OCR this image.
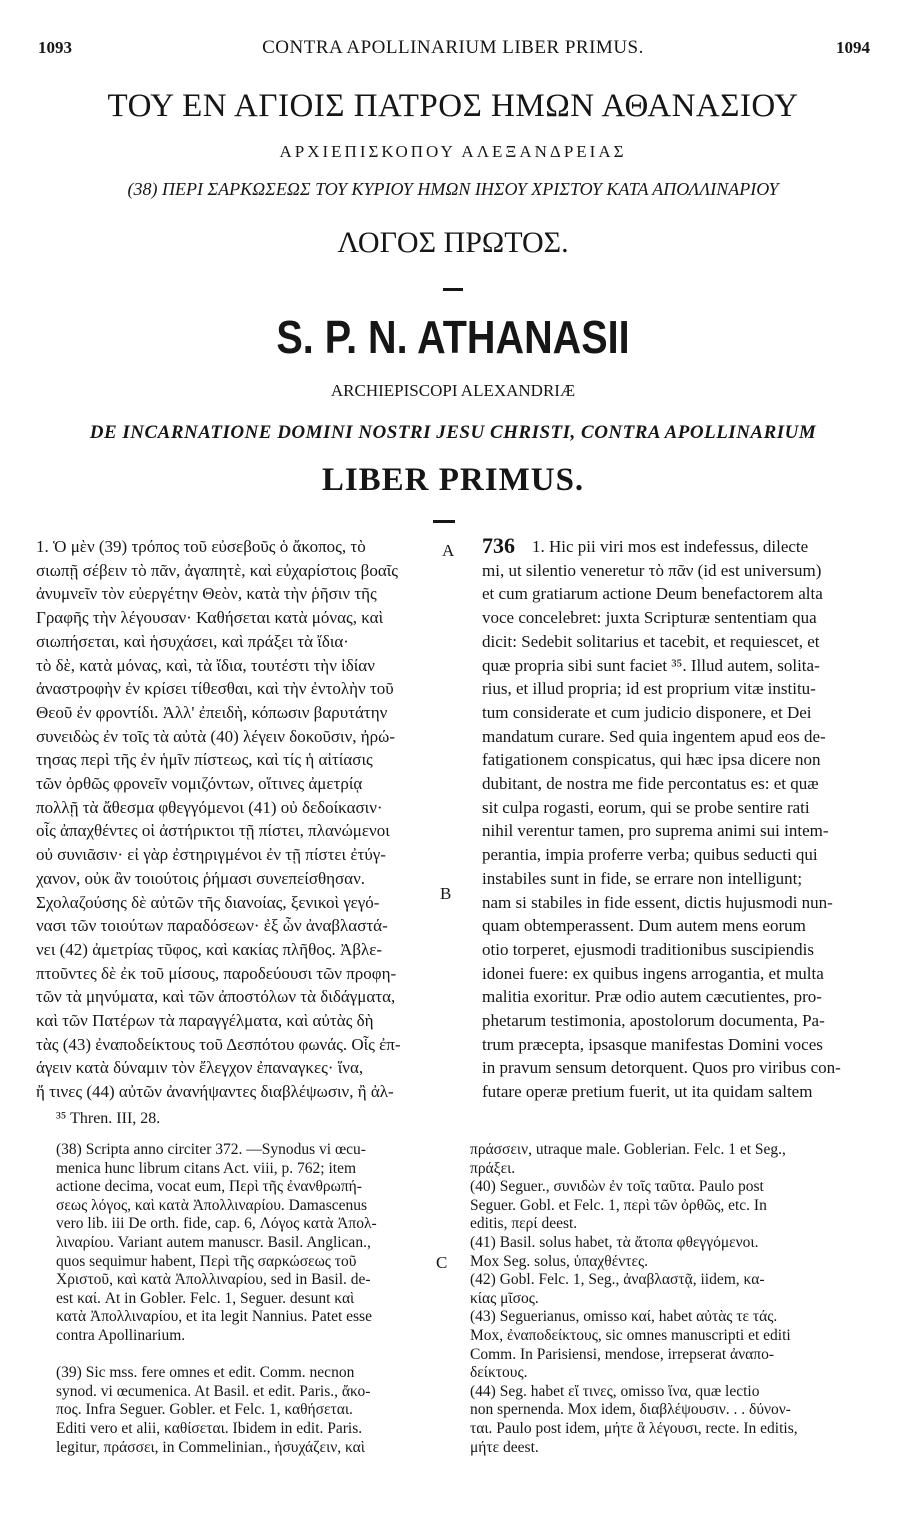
1093	CONTRA APOLLINARIUM LIBER PRIMUS.	1094
ΤΟΥ ΕΝ ΑΓΙΟΙΣ ΠΑΤΡΟΣ ΗΜΩΝ ΑΘΑΝΑΣΙΟΥ
ΑΡΧΙΕΠΙΣΚΟΠΟΥ ΑΛΕΞΑΝΔΡΕΙΑΣ
(38) ΠΕΡΙ ΣΑΡΚΩΣΕΩΣ ΤΟΥ ΚΥΡΙΟΥ ΗΜΩΝ ΙΗΣΟΥ ΧΡΙΣΤΟΥ ΚΑΤΑ ΑΠΟΛΛΙΝΑΡΙΟΥ
ΛΟΓΟΣ ΠΡΩΤΟΣ.
S. P. N. ATHANASII
ARCHIEPISCOPI ALEXANDRIÆ
DE INCARNATIONE DOMINI NOSTRI JESU CHRISTI, CONTRA APOLLINARIUM
LIBER PRIMUS.
1. Ὁ μὲν (39) τρόπος τοῦ εὐσεβοῦς ὁ ἄκοπος, τὸ
σιωπῇ σέβειν τὸ πᾶν, ἀγαπητὲ, καὶ εὐχαρίστοις βοαῖς
ἀνυμνεῖν τὸν εὐεργέτην Θεὸν, κατὰ τὴν ῥῆσιν τῆς
Γραφῆς τὴν λέγουσαν· Καθήσεται κατὰ μόνας, καὶ
σιωπήσεται, καὶ ἡσυχάσει, καὶ πράξει τὰ ἴδια·
τὸ δὲ, κατὰ μόνας, καὶ, τὰ ἴδια, τουτέστι τὴν ἰδίαν
ἀναστροφὴν ἐν κρίσει τίθεσθαι, καὶ τὴν ἐντολὴν τοῦ
Θεοῦ ἐν φροντίδι. Ἀλλ' ἐπειδὴ, κόπωσιν βαρυτάτην
συνειδὼς ἐν τοῖς τὰ αὐτὰ (40) λέγειν δοκοῦσιν, ἠρώ-
τησας περὶ τῆς ἐν ἡμῖν πίστεως, καὶ τίς ἡ αἰτίασις
τῶν ὀρθῶς φρονεῖν νομιζόντων, οἵτινες ἀμετρίᾳ
πολλῇ τὰ ἄθεσμα φθεγγόμενοι (41) οὐ δεδοίκασιν·
οἷς ἀπαχθέντες οἱ ἀστήρικτοι τῇ πίστει, πλανώμενοι
οὐ συνιᾶσιν· εἰ γὰρ ἐστηριγμένοι ἐν τῇ πίστει ἐτύγ-
χανον, οὐκ ἂν τοιούτοις ῥήμασι συνεπείσθησαν.
Σχολαζούσης δὲ αὐτῶν τῆς διανοίας, ξενικοὶ γεγό-
νασι τῶν τοιούτων παραδόσεων· ἐξ ὧν ἀναβλαστά-
νει (42) ἀμετρίας τῦφος, καὶ κακίας πλῆθος. Ἀβλε-
πτοῦντες δὲ ἐκ τοῦ μίσους, παροδεύουσι τῶν προφη-
τῶν τὰ μηνύματα, καὶ τῶν ἀποστόλων τὰ διδάγματα,
καὶ τῶν Πατέρων τὰ παραγγέλματα, καὶ αὐτὰς δὴ
τὰς (43) ἐναποδείκτους τοῦ Δεσπότου φωνάς. Οἷς ἐπ-
άγειν κατὰ δύναμιν τὸν ἔλεγχον ἐπαναγκες· ἵνα,
ἤ τινες (44) αὐτῶν ἀνανήψαντες διαβλέψωσιν, ἢ ἀλ-
736 1. Hic pii viri mos est indefessus, dilecte
mi, ut silentio veneretur τὸ πᾶν (id est universum)
et cum gratiarum actione Deum benefactorem alta
voce concelebret: juxta Scripturæ sententiam qua
dicit: Sedebit solitarius et tacebit, et requiescet, et
quæ propria sibi sunt faciet ³⁵. Illud autem, solita-
rius, et illud propria; id est proprium vitæ institu-
tum considerate et cum judicio disponere, et Dei
mandatum curare. Sed quia ingentem apud eos de-
fatigationem conspicatus, qui hæc ipsa dicere non
dubitant, de nostra me fide percontatus es: et quæ
sit culpa rogasti, eorum, qui se probe sentire rati
nihil verentur tamen, pro suprema animi sui intem-
perantia, impia proferre verba; quibus seducti qui
instabiles sunt in fide, se errare non intelligunt;
nam si stabiles in fide essent, dictis hujusmodi nun-
quam obtemperassent. Dum autem mens eorum
otio torperet, ejusmodi traditionibus suscipiendis
idonei fuere: ex quibus ingens arrogantia, et multa
malitia exoritur. Præ odio autem cæcutientes, pro-
phetarum testimonia, apostolorum documenta, Pa-
trum præcepta, ipsasque manifestas Domini voces
in pravum sensum detorquent. Quos pro viribus con-
futare operæ pretium fuerit, ut ita quidam saltem
A
B
C
³⁵ Thren. III, 28.
(38) Scripta anno circiter 372. —Synodus vi œcu-
menica hunc librum citans Act. viii, p. 762; item
actione decima, vocat eum, Περὶ τῆς ἐνανθρωπή-
σεως λόγος, καὶ κατὰ Ἀπολλιναρίου. Damascenus
vero lib. iii De orth. fide, cap. 6, Λόγος κατὰ Ἀπολ-
λιναρίου. Variant autem manuscr. Basil. Anglican.,
quos sequimur habent, Περὶ τῆς σαρκώσεως τοῦ
Χριστοῦ, καὶ κατὰ Ἀπολλιναρίου, sed in Basil. de-
est καί. At in Gobler. Felc. 1, Seguer. desunt καὶ
κατὰ Ἀπολλιναρίου, et ita legit Nannius. Patet esse
contra Apollinarium.
(39) Sic mss. fere omnes et edit. Comm. necnon
synod. vi œcumenica. At Basil. et edit. Paris., ἄκο-
πος. Infra Seguer. Gobler. et Felc. 1, καθήσεται.
Editi vero et alii, καθίσεται. Ibidem in edit. Paris.
legitur, πράσσει, in Commelinian., ἡσυχάζειν, καὶ
πράσσειν, utraque male. Goblerian. Felc. 1 et Seg.,
πράξει.
(40) Seguer., συνιδὼν ἐν τοῖς ταῦτα. Paulo post
Seguer. Gobl. et Felc. 1, περὶ τῶν ὀρθῶς, etc. In
editis, περί deest.
(41) Basil. solus habet, τὰ ἄτοπα φθεγγόμενοι.
Mox Seg. solus, ὑπαχθέντες.
(42) Gobl. Felc. 1, Seg., ἀναβλαστᾷ, iidem, κα-
κίας μῖσος.
(43) Seguerianus, omisso καί, habet αὐτὰς τε τάς.
Mox, ἐναποδείκτους, sic omnes manuscripti et editi
Comm. In Parisiensi, mendose, irrepserat ἀναπο-
δείκτους.
(44) Seg. habet εἴ τινες, omisso ἵνα, quæ lectio
non spernenda. Mox idem, διαβλέψουσιν. . . δύνον-
ται. Paulo post idem, μήτε ἃ λέγουσι, recte. In editis,
μήτε deest.
